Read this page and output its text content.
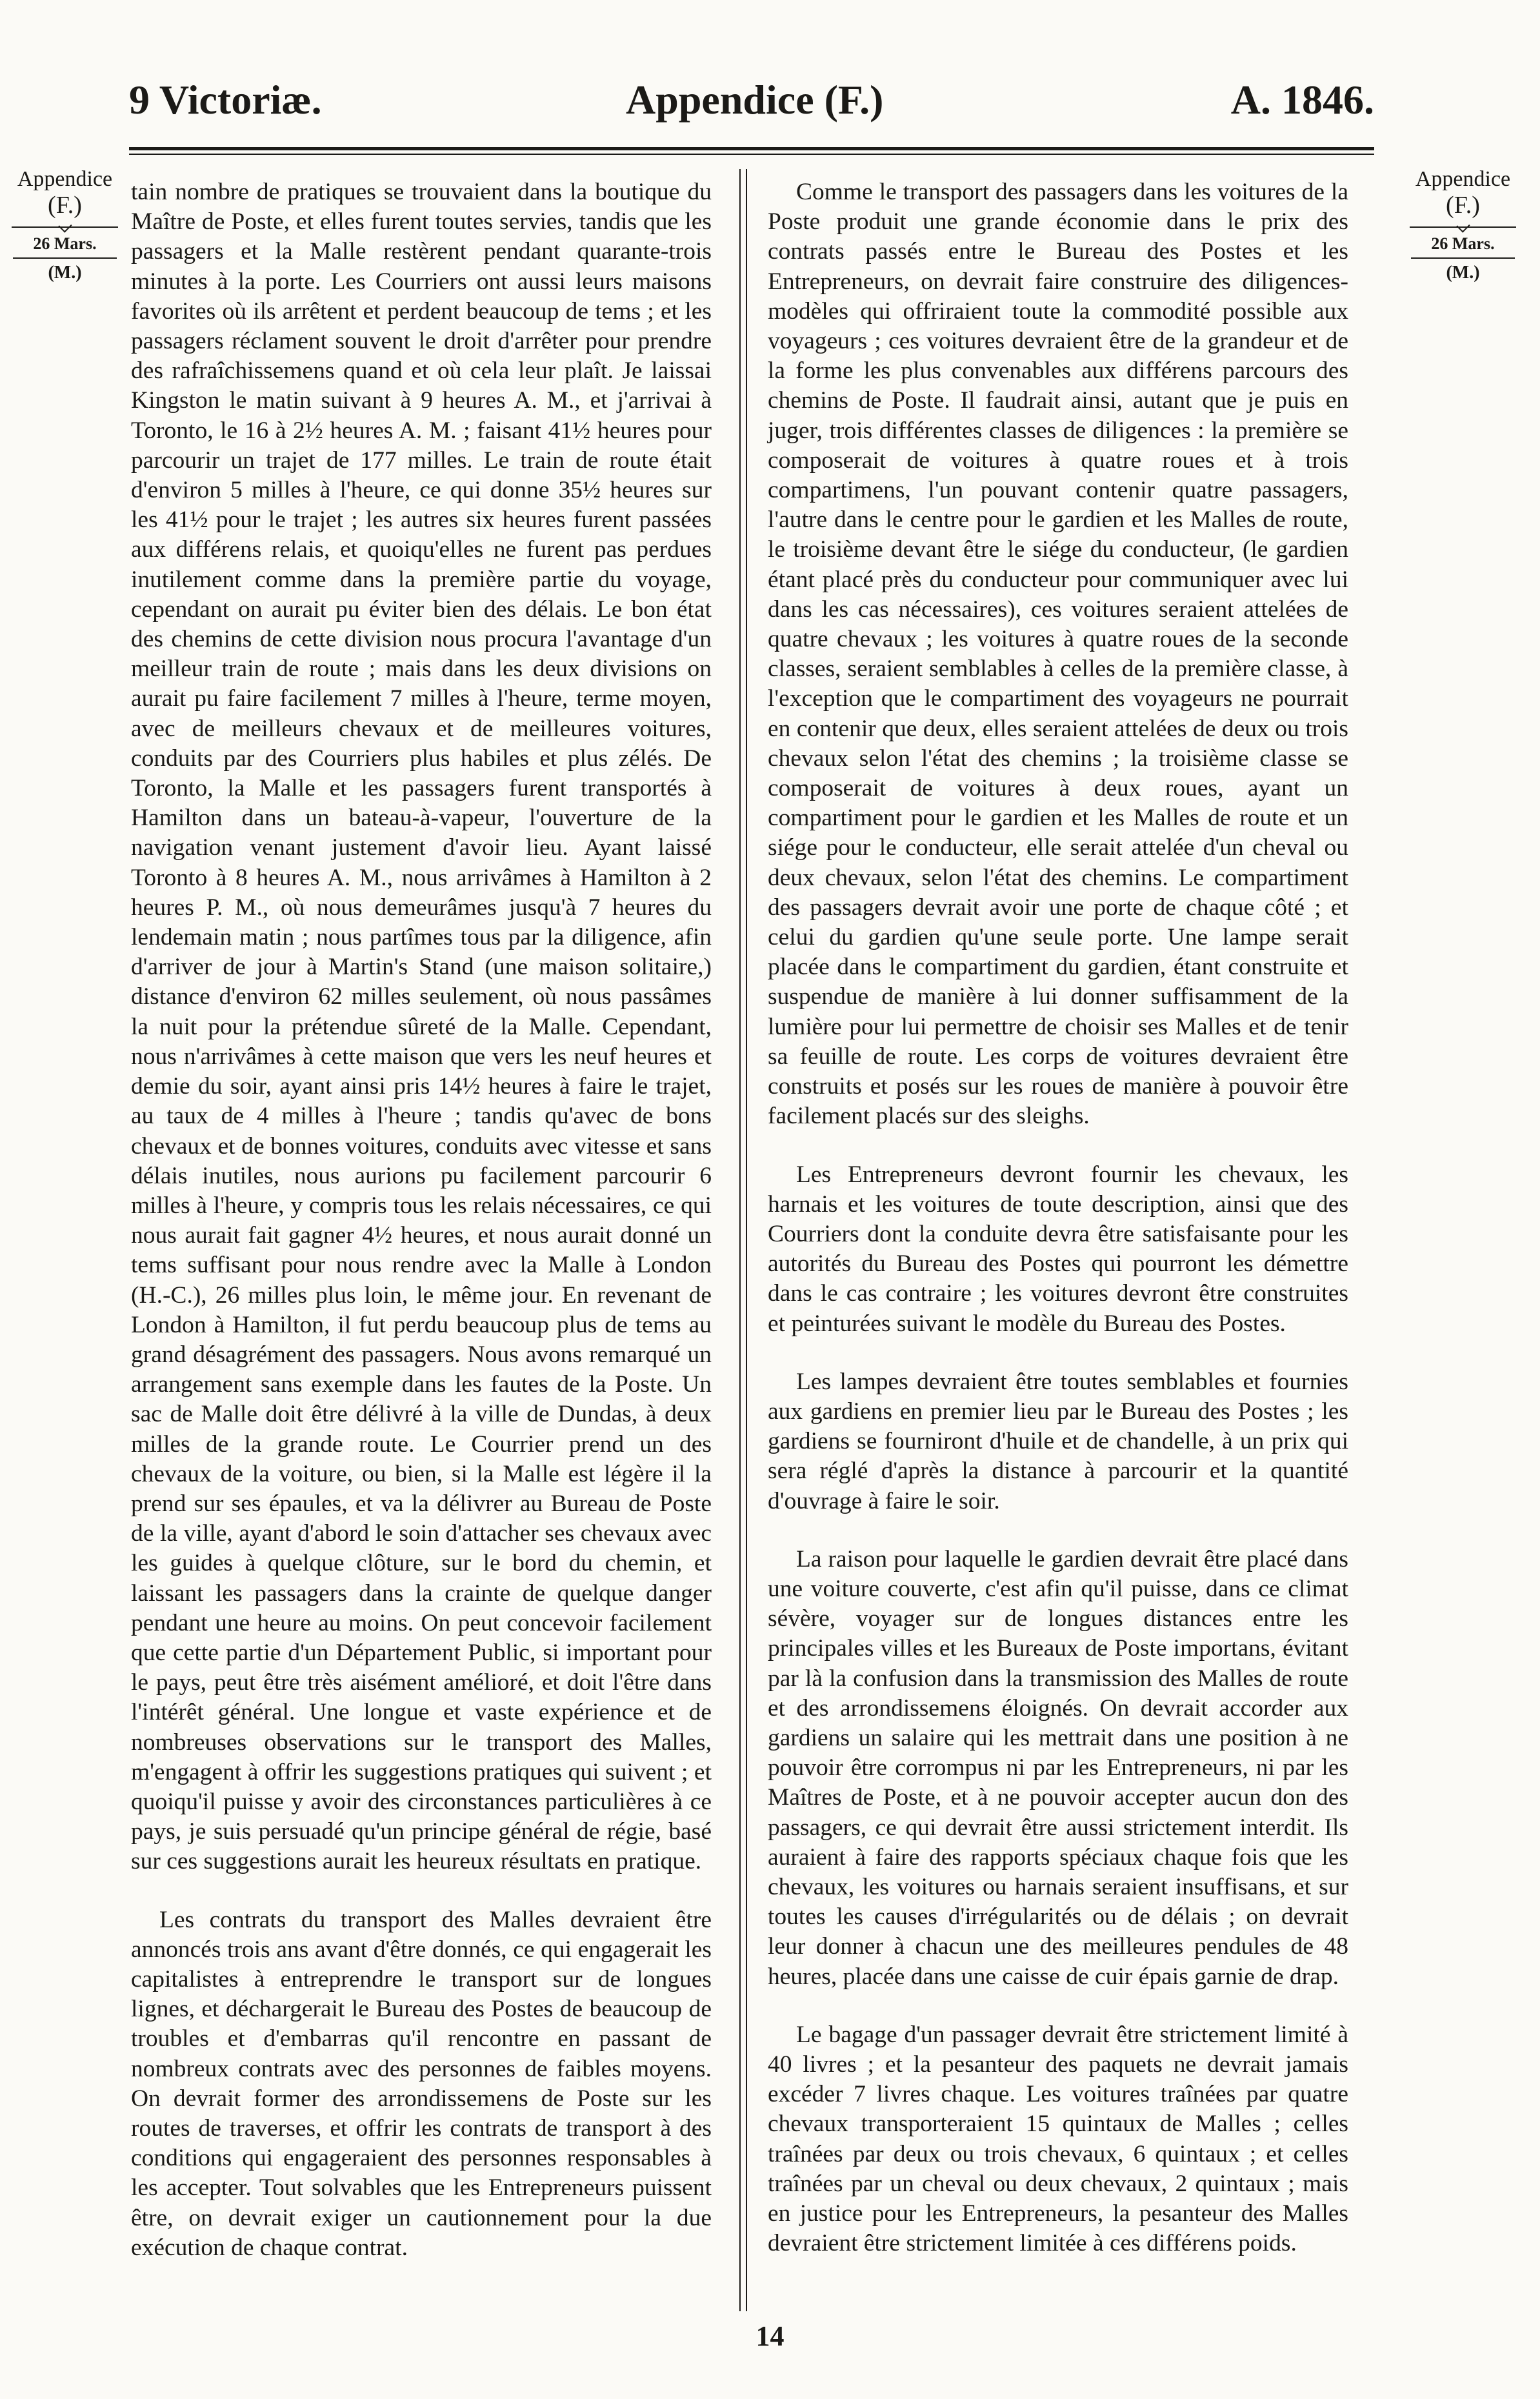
9 Victoriæ.	Appendice (F.)	A. 1846.
Appendice
(F.)
26 Mars.
(M.)
Appendice
(F.)
26 Mars.
(M.)

tain nombre de pratiques se trouvaient dans la boutique du Maître de Poste, et elles furent toutes servies, tandis que les passagers et la Malle restèrent pendant quarante-trois minutes à la porte. Les Courriers ont aussi leurs maisons favorites où ils arrêtent et perdent beaucoup de tems ; et les passagers réclament souvent le droit d'arrêter pour prendre des rafraîchissemens quand et où cela leur plaît. Je laissai Kingston le matin suivant à 9 heures A. M., et j'arrivai à Toronto, le 16 à 2½ heures A. M. ; faisant 41½ heures pour parcourir un trajet de 177 milles. Le train de route était d'environ 5 milles à l'heure, ce qui donne 35½ heures sur les 41½ pour le trajet ; les autres six heures furent passées aux différens relais, et quoiqu'elles ne furent pas perdues inutilement comme dans la première partie du voyage, cependant on aurait pu éviter bien des délais. Le bon état des chemins de cette division nous procura l'avantage d'un meilleur train de route ; mais dans les deux divisions on aurait pu faire facilement 7 milles à l'heure, terme moyen, avec de meilleurs chevaux et de meilleures voitures, conduits par des Courriers plus habiles et plus zélés. De Toronto, la Malle et les passagers furent transportés à Hamilton dans un bateau-à-vapeur, l'ouverture de la navigation venant justement d'avoir lieu. Ayant laissé Toronto à 8 heures A. M., nous arrivâmes à Hamilton à 2 heures P. M., où nous demeurâmes jusqu'à 7 heures du lendemain matin ; nous partîmes tous par la diligence, afin d'arriver de jour à Martin's Stand (une maison solitaire,) distance d'environ 62 milles seulement, où nous passâmes la nuit pour la prétendue sûreté de la Malle. Cependant, nous n'arrivâmes à cette maison que vers les neuf heures et demie du soir, ayant ainsi pris 14½ heures à faire le trajet, au taux de 4 milles à l'heure ; tandis qu'avec de bons chevaux et de bonnes voitures, conduits avec vitesse et sans délais inutiles, nous aurions pu facilement parcourir 6 milles à l'heure, y compris tous les relais nécessaires, ce qui nous aurait fait gagner 4½ heures, et nous aurait donné un tems suffisant pour nous rendre avec la Malle à London (H.-C.), 26 milles plus loin, le même jour. En revenant de London à Hamilton, il fut perdu beaucoup plus de tems au grand désagrément des passagers. Nous avons remarqué un arrangement sans exemple dans les fautes de la Poste. Un sac de Malle doit être délivré à la ville de Dundas, à deux milles de la grande route. Le Courrier prend un des chevaux de la voiture, ou bien, si la Malle est légère il la prend sur ses épaules, et va la délivrer au Bureau de Poste de la ville, ayant d'abord le soin d'attacher ses chevaux avec les guides à quelque clôture, sur le bord du chemin, et laissant les passagers dans la crainte de quelque danger pendant une heure au moins. On peut concevoir facilement que cette partie d'un Département Public, si important pour le pays, peut être très aisément amélioré, et doit l'être dans l'intérêt général. Une longue et vaste expérience et de nombreuses observations sur le transport des Malles, m'engagent à offrir les suggestions pratiques qui suivent ; et quoiqu'il puisse y avoir des circonstances particulières à ce pays, je suis persuadé qu'un principe général de régie, basé sur ces suggestions aurait les heureux résultats en pratique.

Les contrats du transport des Malles devraient être annoncés trois ans avant d'être donnés, ce qui engagerait les capitalistes à entreprendre le transport sur de longues lignes, et déchargerait le Bureau des Postes de beaucoup de troubles et d'embarras qu'il rencontre en passant de nombreux contrats avec des personnes de faibles moyens. On devrait former des arrondissemens de Poste sur les routes de traverses, et offrir les contrats de transport à des conditions qui engageraient des personnes responsables à les accepter. Tout solvables que les Entrepreneurs puissent être, on devrait exiger un cautionnement pour la due exécution de chaque contrat.

Comme le transport des passagers dans les voitures de la Poste produit une grande économie dans le prix des contrats passés entre le Bureau des Postes et les Entrepreneurs, on devrait faire construire des diligences-modèles qui offriraient toute la commodité possible aux voyageurs ; ces voitures devraient être de la grandeur et de la forme les plus convenables aux différens parcours des chemins de Poste. Il faudrait ainsi, autant que je puis en juger, trois différentes classes de diligences : la première se composerait de voitures à quatre roues et à trois compartimens, l'un pouvant contenir quatre passagers, l'autre dans le centre pour le gardien et les Malles de route, le troisième devant être le siége du conducteur, (le gardien étant placé près du conducteur pour communiquer avec lui dans les cas nécessaires), ces voitures seraient attelées de quatre chevaux ; les voitures à quatre roues de la seconde classes, seraient semblables à celles de la première classe, à l'exception que le compartiment des voyageurs ne pourrait en contenir que deux, elles seraient attelées de deux ou trois chevaux selon l'état des chemins ; la troisième classe se composerait de voitures à deux roues, ayant un compartiment pour le gardien et les Malles de route et un siége pour le conducteur, elle serait attelée d'un cheval ou deux chevaux, selon l'état des chemins. Le compartiment des passagers devrait avoir une porte de chaque côté ; et celui du gardien qu'une seule porte. Une lampe serait placée dans le compartiment du gardien, étant construite et suspendue de manière à lui donner suffisamment de la lumière pour lui permettre de choisir ses Malles et de tenir sa feuille de route. Les corps de voitures devraient être construits et posés sur les roues de manière à pouvoir être facilement placés sur des sleighs.

Les Entrepreneurs devront fournir les chevaux, les harnais et les voitures de toute description, ainsi que des Courriers dont la conduite devra être satisfaisante pour les autorités du Bureau des Postes qui pourront les démettre dans le cas contraire ; les voitures devront être construites et peinturées suivant le modèle du Bureau des Postes.

Les lampes devraient être toutes semblables et fournies aux gardiens en premier lieu par le Bureau des Postes ; les gardiens se fourniront d'huile et de chandelle, à un prix qui sera réglé d'après la distance à parcourir et la quantité d'ouvrage à faire le soir.

La raison pour laquelle le gardien devrait être placé dans une voiture couverte, c'est afin qu'il puisse, dans ce climat sévère, voyager sur de longues distances entre les principales villes et les Bureaux de Poste importans, évitant par là la confusion dans la transmission des Malles de route et des arrondissemens éloignés. On devrait accorder aux gardiens un salaire qui les mettrait dans une position à ne pouvoir être corrompus ni par les Entrepreneurs, ni par les Maîtres de Poste, et à ne pouvoir accepter aucun don des passagers, ce qui devrait être aussi strictement interdit. Ils auraient à faire des rapports spéciaux chaque fois que les chevaux, les voitures ou harnais seraient insuffisans, et sur toutes les causes d'irrégularités ou de délais ; on devrait leur donner à chacun une des meilleures pendules de 48 heures, placée dans une caisse de cuir épais garnie de drap.

Le bagage d'un passager devrait être strictement limité à 40 livres ; et la pesanteur des paquets ne devrait jamais excéder 7 livres chaque. Les voitures traînées par quatre chevaux transporteraient 15 quintaux de Malles ; celles traînées par deux ou trois chevaux, 6 quintaux ; et celles traînées par un cheval ou deux chevaux, 2 quintaux ; mais en justice pour les Entrepreneurs, la pesanteur des Malles devraient être strictement limitée à ces différens poids.

14
